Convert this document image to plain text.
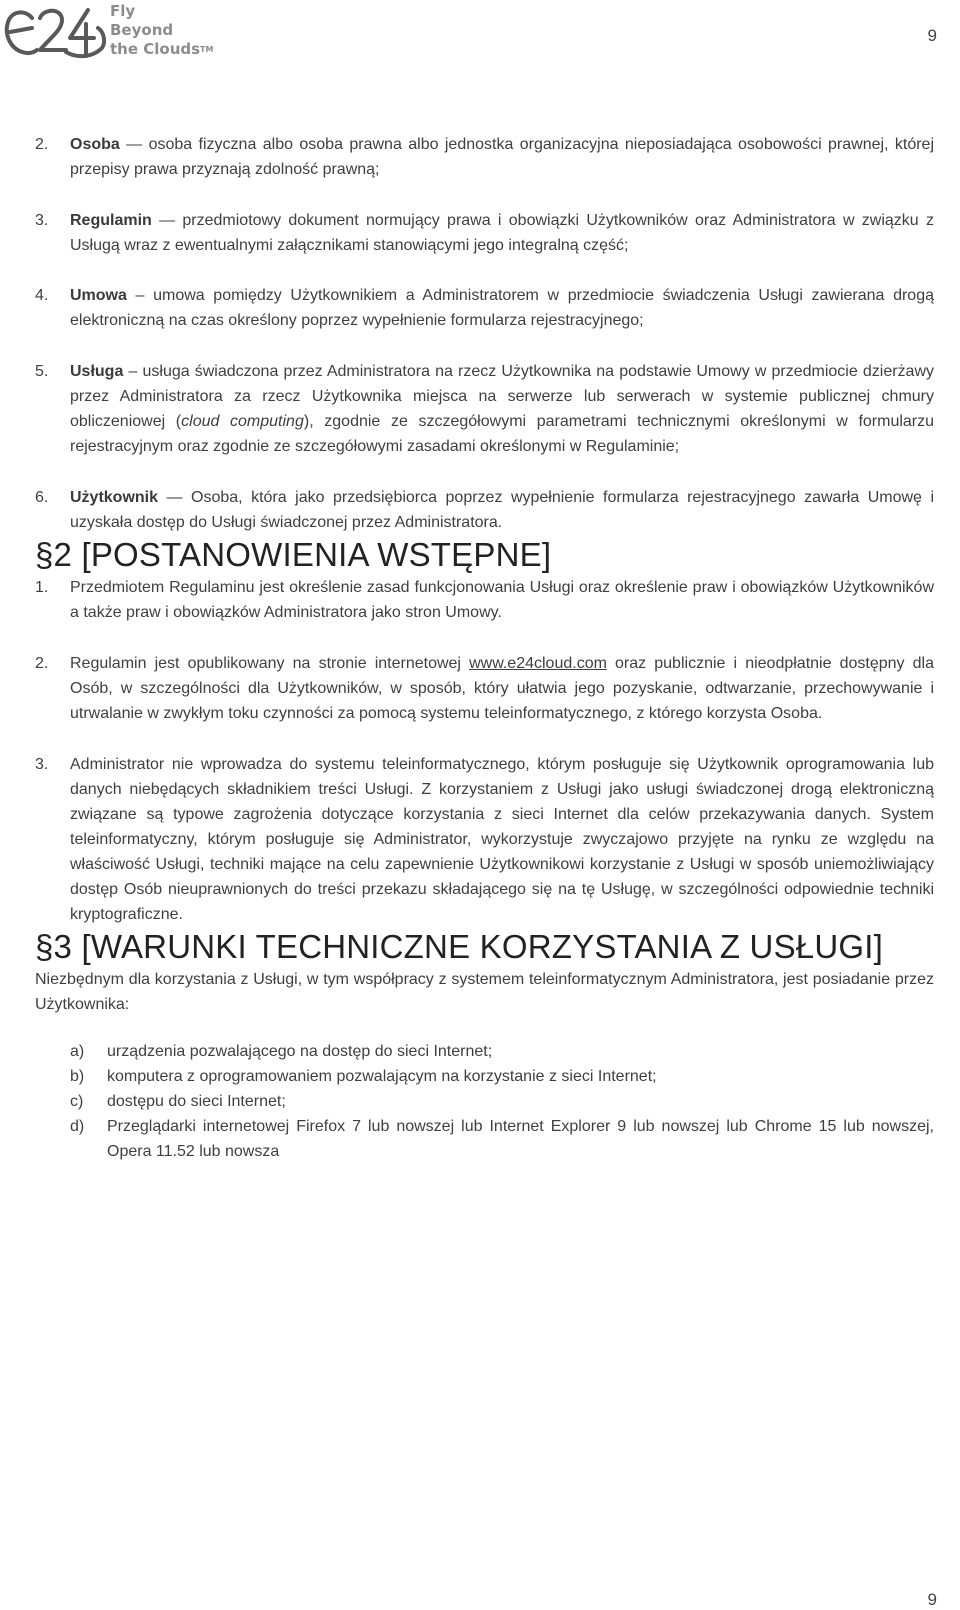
Fly
Beyond
the Clouds™
9
2. Osoba — osoba fizyczna albo osoba prawna albo jednostka organizacyjna nieposiadająca osobowości prawnej, której przepisy prawa przyznają zdolność prawną;
3. Regulamin — przedmiotowy dokument normujący prawa i obowiązki Użytkowników oraz Administratora w związku z Usługą wraz z ewentualnymi załącznikami stanowiącymi jego integralną część;
4. Umowa – umowa pomiędzy Użytkownikiem a Administratorem w przedmiocie świadczenia Usługi zawierana drogą elektroniczną na czas określony poprzez wypełnienie formularza rejestracyjnego;
5. Usługa – usługa świadczona przez Administratora na rzecz Użytkownika na podstawie Umowy w przedmiocie dzierżawy przez Administratora za rzecz Użytkownika miejsca na serwerze lub serwerach w systemie publicznej chmury obliczeniowej (cloud computing), zgodnie ze szczegółowymi parametrami technicznymi określonymi w formularzu rejestracyjnym oraz zgodnie ze szczegółowymi zasadami określonymi w Regulaminie;
6. Użytkownik — Osoba, która jako przedsiębiorca poprzez wypełnienie formularza rejestracyjnego zawarła Umowę i uzyskała dostęp do Usługi świadczonej przez Administratora.
§2 [POSTANOWIENIA WSTĘPNE]
1. Przedmiotem Regulaminu jest określenie zasad funkcjonowania Usługi oraz określenie praw i obowiązków Użytkowników a także praw i obowiązków Administratora jako stron Umowy.
2. Regulamin jest opublikowany na stronie internetowej www.e24cloud.com oraz publicznie i nieodpłatnie dostępny dla Osób, w szczególności dla Użytkowników, w sposób, który ułatwia jego pozyskanie, odtwarzanie, przechowywanie i utrwalanie w zwykłym toku czynności za pomocą systemu teleinformatycznego, z którego korzysta Osoba.
3. Administrator nie wprowadza do systemu teleinformatycznego, którym posługuje się Użytkownik oprogramowania lub danych niebędących składnikiem treści Usługi. Z korzystaniem z Usługi jako usługi świadczonej drogą elektroniczną związane są typowe zagrożenia dotyczące korzystania z sieci Internet dla celów przekazywania danych. System teleinformatyczny, którym posługuje się Administrator, wykorzystuje zwyczajowo przyjęte na rynku ze względu na właściwość Usługi, techniki mające na celu zapewnienie Użytkownikowi korzystanie z Usługi w sposób uniemożliwiający dostęp Osób nieuprawnionych do treści przekazu składającego się na tę Usługę, w szczególności odpowiednie techniki kryptograficzne.
§3 [WARUNKI TECHNICZNE KORZYSTANIA Z USŁUGI]

Niezbędnym dla korzystania z Usługi, w tym współpracy z systemem teleinformatycznym Administratora, jest posiadanie przez Użytkownika:

a) urządzenia pozwalającego na dostęp do sieci Internet;
b) komputera z oprogramowaniem pozwalającym na korzystanie z sieci Internet;
c) dostępu do sieci Internet;
d) Przeglądarki internetowej Firefox 7 lub nowszej lub Internet Explorer 9 lub nowszej lub Chrome 15 lub nowszej, Opera 11.52 lub nowsza
9
